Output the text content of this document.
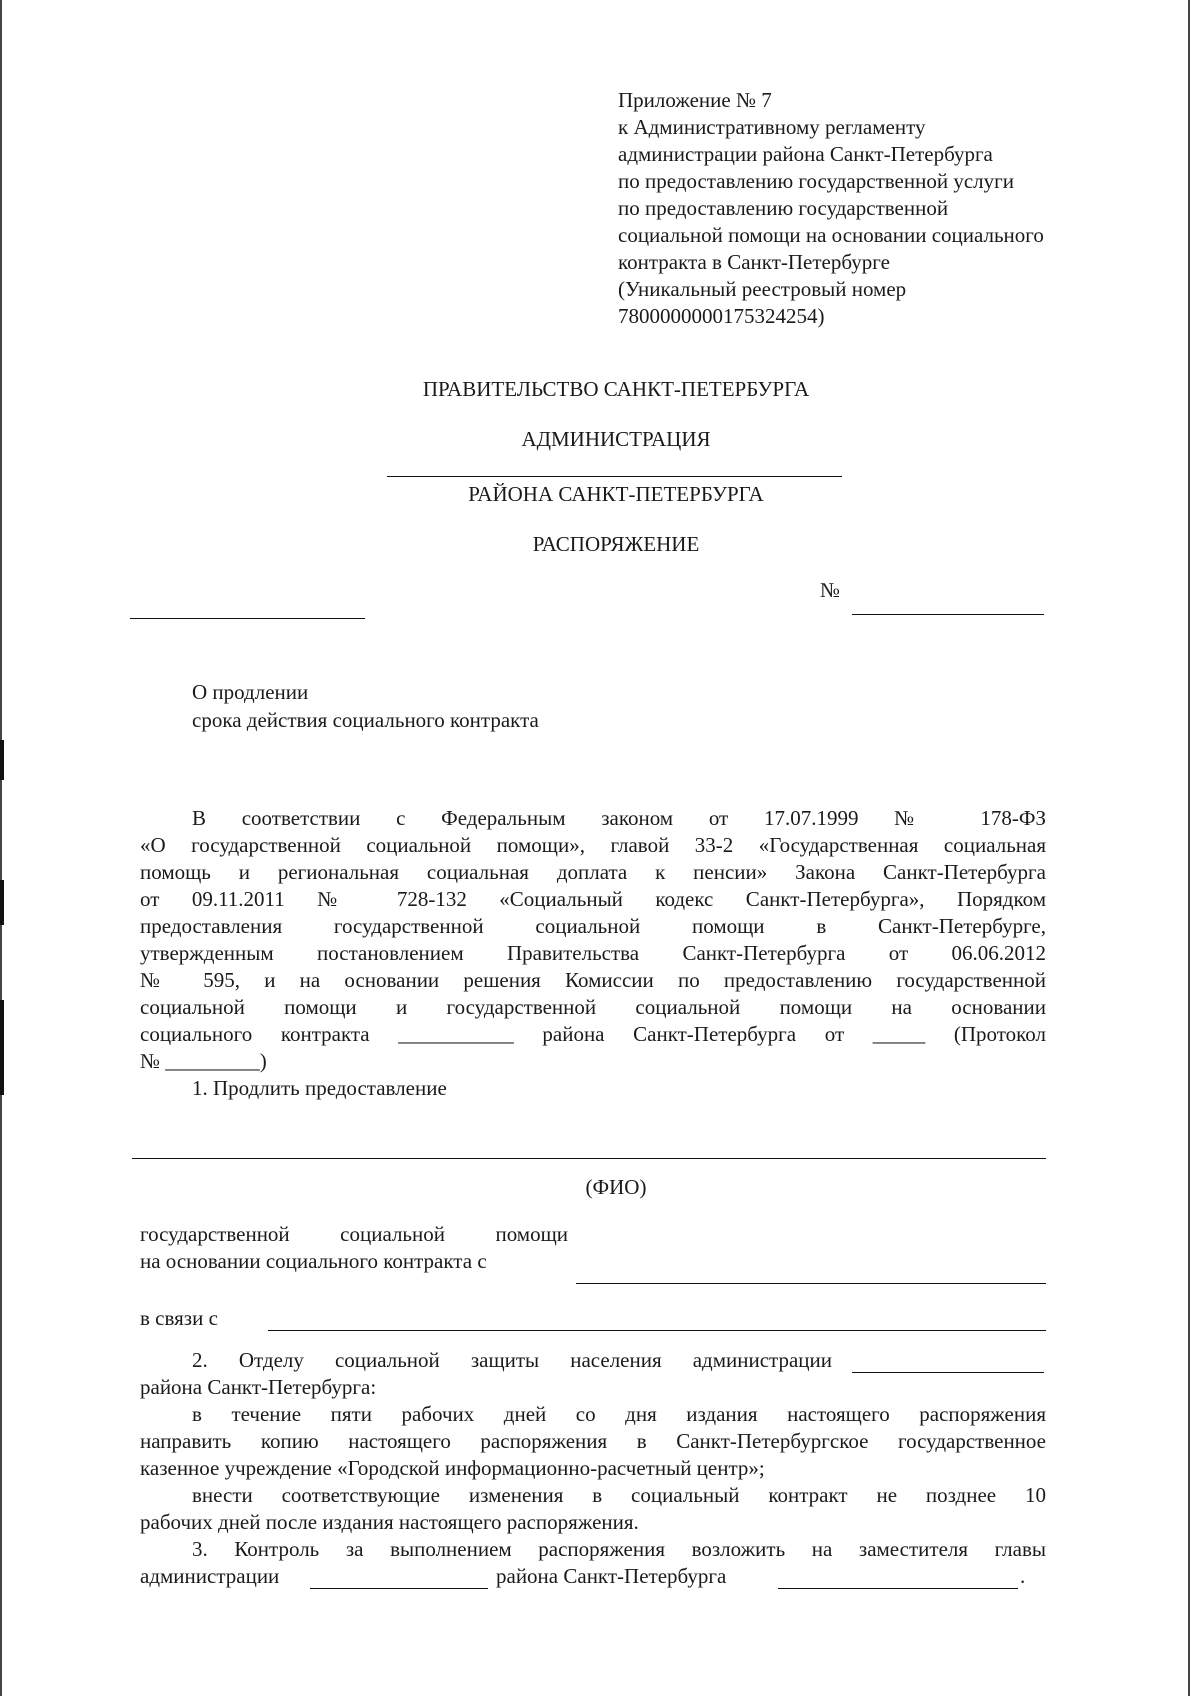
Приложение № 7
к Административному регламенту
администрации района Санкт-Петербурга
по предоставлению государственной услуги
по предоставлению государственной
социальной помощи на основании социального
контракта в Санкт-Петербурге
(Уникальный реестровый номер
7800000000175324254)
ПРАВИТЕЛЬСТВО САНКТ-ПЕТЕРБУРГА
АДМИНИСТРАЦИЯ
РАЙОНА САНКТ-ПЕТЕРБУРГА
РАСПОРЯЖЕНИЕ
№
О продлении
срока действия социального контракта
В соответствии с Федеральным законом от 17.07.1999 № 178-ФЗ
«О государственной социальной помощи», главой 33-2 «Государственная социальная
помощь и региональная социальная доплата к пенсии» Закона Санкт-Петербурга
от 09.11.2011 № 728-132 «Социальный кодекс Санкт-Петербурга», Порядком
предоставления государственной социальной помощи в Санкт-Петербурге,
утвержденным постановлением Правительства Санкт-Петербурга от 06.06.2012
№ 595, и на основании решения Комиссии по предоставлению государственной
социальной помощи и государственной социальной помощи на основании
социального контракта ___________ района Санкт-Петербурга от _____ (Протокол
№ _________)
1. Продлить предоставление
(ФИО)
государственной социальной помощи
на основании социального контракта с
в связи с
2. Отделу социальной защиты населения администрации
района Санкт-Петербурга:
в течение пяти рабочих дней со дня издания настоящего распоряжения
направить копию настоящего распоряжения в Санкт-Петербургское государственное
казенное учреждение «Городской информационно-расчетный центр»;
внести соответствующие изменения в социальный контракт не позднее 10
рабочих дней после издания настоящего распоряжения.
3. Контроль за выполнением распоряжения возложить на заместителя главы
администрации	района Санкт-Петербурга	.
